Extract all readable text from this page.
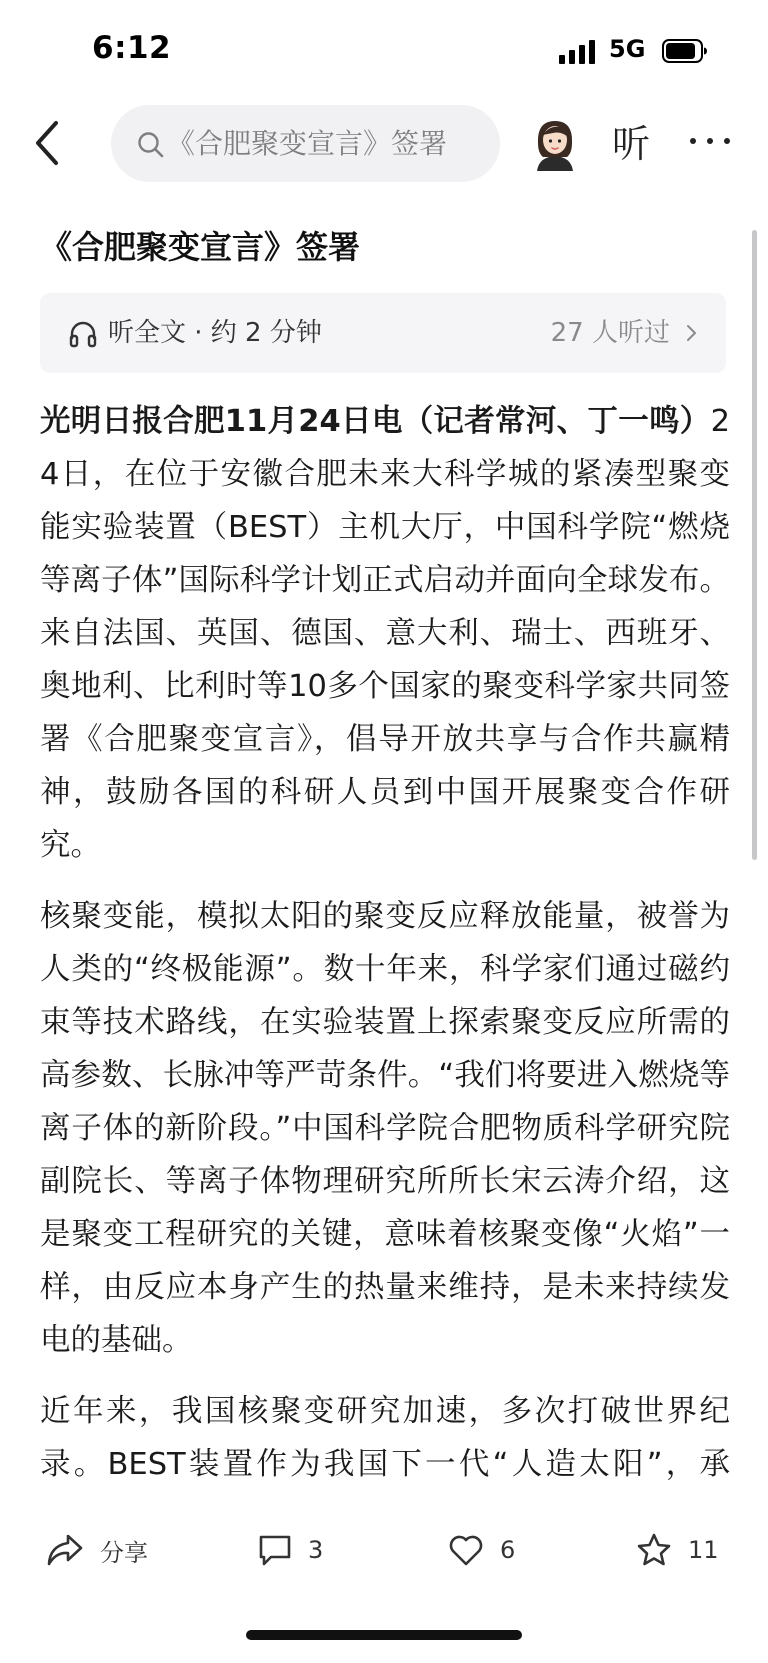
6:12	5G
《合肥聚变宣言》签署	听
《合肥聚变宣言》签署
听全文 · 约 2 分钟	27 人听过

光明日报合肥11月24日电（记者常河、丁一鸣）24日，在位于安徽合肥未来大科学城的紧凑型聚变能实验装置（BEST）主机大厅，中国科学院“燃烧等离子体”国际科学计划正式启动并面向全球发布。来自法国、英国、德国、意大利、瑞士、西班牙、奥地利、比利时等10多个国家的聚变科学家共同签署《合肥聚变宣言》，倡导开放共享与合作共赢精神，鼓励各国的科研人员到中国开展聚变合作研究。

核聚变能，模拟太阳的聚变反应释放能量，被誉为人类的“终极能源”。数十年来，科学家们通过磁约束等技术路线，在实验装置上探索聚变反应所需的高参数、长脉冲等严苛条件。“我们将要进入燃烧等离子体的新阶段。”中国科学院合肥物质科学研究院副院长、等离子体物理研究所所长宋云涛介绍，这是聚变工程研究的关键，意味着核聚变像“火焰”一样，由反应本身产生的热量来维持，是未来持续发电的基础。

近年来，我国核聚变研究加速，多次打破世界纪录。BEST装置作为我国下一代“人造太阳”，承

分享	3	6	11
